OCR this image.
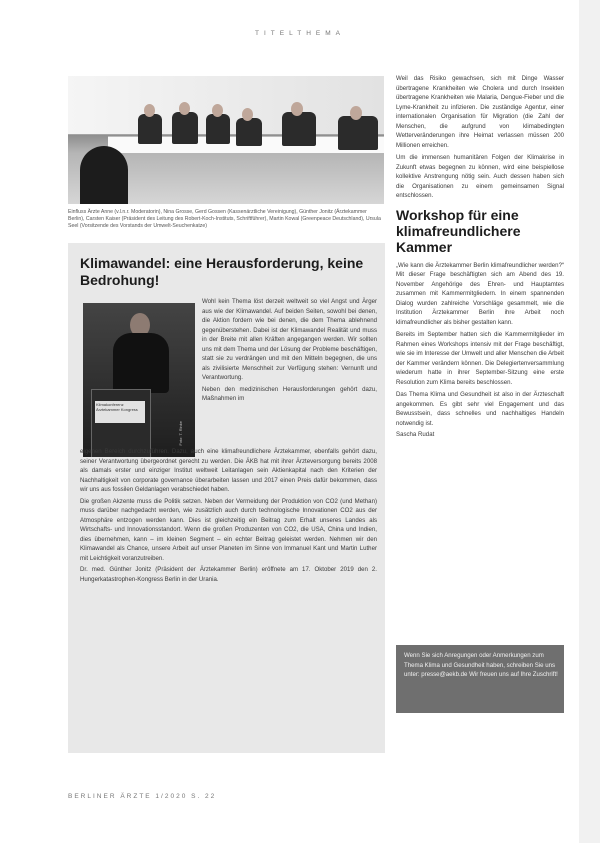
TITELTHEMA
Einfluss Ärzte Anne (v.l.n.r. Moderatorin), Nina Grosse, Gerd Gossen (Kassenärztliche Vereinigung), Günther Jonitz (Ärztekammer Berlin), Carsten Kaiser (Präsident des Leitung des Robert-Koch-Instituts, Schriftführer), Martin Kowal (Greenpeace Deutschland), Ursula Seel (Vorsitzende des Vorstands der Umwelt-Seuchenkatze)
Klimawandel: eine Herausforderung, keine Bedrohung!
Klimakonferenz Ärztekammer Kongress
Foto: T. Rinke

Wohl kein Thema löst derzeit weltweit so viel Angst und Ärger aus wie der Klimawandel. Auf beiden Seiten, sowohl bei denen, die Aktion fordern wie bei denen, die dem Thema ablehnend gegenüberstehen. Dabei ist der Klimawandel Realität und muss in der Breite mit allen Kräften angegangen werden. Wir sollten uns mit dem Thema und der Lösung der Probleme beschäftigen, statt sie zu verdrängen und mit den Mitteln begegnen, die uns als zivilisierte Menschheit zur Verfügung stehen: Vernunft und Verantwortung.

Neben den medizinischen Herausforderungen gehört dazu, Maßnahmen im

eigenen Bereich durchzuführen. Dazu, auch eine klimafreundlichere Ärztekammer, ebenfalls gehört dazu, seiner Verantwortung übergeordnet gerecht zu werden. Die ÄKB hat mit ihrer Ärzteversorgung bereits 2008 als damals erster und einziger Institut weltweit Leitanlagen sein Aktienkapital nach den Kriterien der Nachhaltigkeit von corporate governance überarbeiten lassen und 2017 einen Preis dafür bekommen, dass wir uns aus fossilen Geldanlagen verabschiedet haben.

Die großen Akzente muss die Politik setzen. Neben der Vermeidung der Produktion von CO2 (und Methan) muss darüber nachgedacht werden, wie zusätzlich auch durch technologische Innovationen CO2 aus der Atmosphäre entzogen werden kann. Dies ist gleichzeitig ein Beitrag zum Erhalt unseres Landes als Wirtschafts- und Innovationsstandort. Wenn die großen Produzenten von CO2, die USA, China und Indien, dies übernehmen, kann – im kleinen Segment – ein echter Beitrag geleistet werden. Nehmen wir den Klimawandel als Chance, unsere Arbeit auf unser Planeten im Sinne von Immanuel Kant und Martin Luther mit Leichtigkeit voranzutreiben.

Dr. med. Günther Jonitz (Präsident der Ärztekammer Berlin) eröffnete am 17. Oktober 2019 den 2. Hungerkatastrophen-Kongress Berlin in der Urania.

Weil das Risiko gewachsen, sich mit Dinge Wasser übertragene Krankheiten wie Cholera und durch Insekten übertragene Krankheiten wie Malaria, Dengue-Fieber und die Lyme-Krankheit zu infizieren. Die zuständige Agentur, einer internationalen Organisation für Migration (die Zahl der Menschen, die aufgrund von klimabedingten Wetterveränderungen ihre Heimat verlassen müssen 200 Millionen erreichen.

Um die immensen humanitären Folgen der Klimakrise in Zukunft etwas begegnen zu können, wird eine beispiellose kollektive Anstrengung nötig sein. Auch dessen haben sich die Organisationen zu einem gemeinsamen Signal entschlossen.

Workshop für eine klimafreundlichere Kammer

„Wie kann die Ärztekammer Berlin klimafreundlicher werden?“ Mit dieser Frage beschäftigten sich am Abend des 19. November Angehörige des Ehren- und Hauptamtes zusammen mit Kammermitgliedern. In einem spannenden Dialog wurden zahlreiche Vorschläge gesammelt, wie die Institution Ärztekammer Berlin ihre Arbeit noch klimafreundlicher als bisher gestalten kann.

Bereits im September hatten sich die Kammermitglieder im Rahmen eines Workshops intensiv mit der Frage beschäftigt, wie sie im Interesse der Umwelt und aller Menschen die Arbeit der Kammer verändern können. Die Delegiertenversammlung wiederum hatte in ihrer September-Sitzung eine erste Resolution zum Klima bereits beschlossen.

Das Thema Klima und Gesundheit ist also in der Ärzteschaft angekommen. Es gibt sehr viel Engagement und das Bewusstsein, dass schnelles und nachhaltiges Handeln notwendig ist.

Sascha Rudat
Wenn Sie sich Anregungen oder Anmerkungen zum Thema Klima und Gesundheit haben, schreiben Sie uns unter: presse@aekb.de Wir freuen uns auf Ihre Zuschrift!
BERLINER ÄRZTE 1/2020 S. 22
